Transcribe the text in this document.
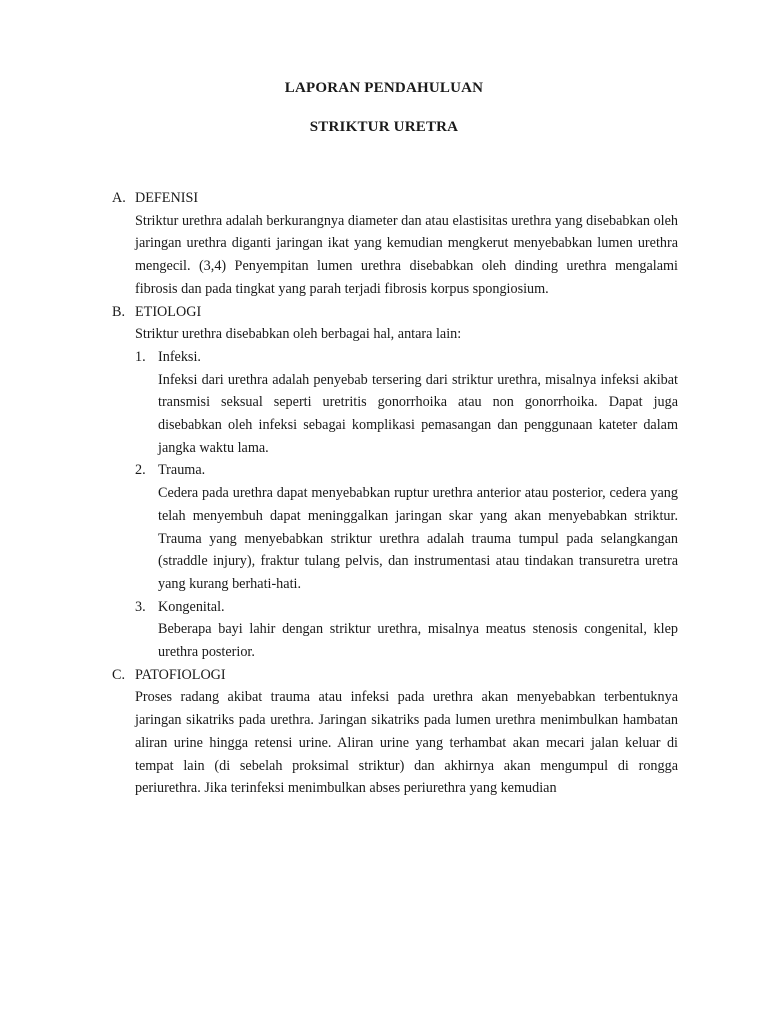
LAPORAN PENDAHULUAN
STRIKTUR URETRA
A. DEFENISI

Striktur urethra adalah berkurangnya diameter dan atau elastisitas urethra yang disebabkan oleh jaringan urethra diganti jaringan ikat yang kemudian mengkerut menyebabkan lumen urethra mengecil. (3,4) Penyempitan lumen urethra disebabkan oleh dinding urethra mengalami fibrosis dan pada tingkat yang parah terjadi fibrosis korpus spongiosium.

B. ETIOLOGI

Striktur urethra disebabkan oleh berbagai hal, antara lain:

1. Infeksi.

Infeksi dari urethra adalah penyebab tersering dari striktur urethra, misalnya infeksi akibat transmisi seksual seperti uretritis gonorrhoika atau non gonorrhoika. Dapat juga disebabkan oleh infeksi sebagai komplikasi pemasangan dan penggunaan kateter dalam jangka waktu lama.

2. Trauma.

Cedera pada urethra dapat menyebabkan ruptur urethra anterior atau posterior, cedera yang telah menyembuh dapat meninggalkan jaringan skar yang akan menyebabkan striktur. Trauma yang menyebabkan striktur urethra adalah trauma tumpul pada selangkangan (straddle injury), fraktur tulang pelvis, dan instrumentasi atau tindakan transuretra uretra yang kurang berhati-hati.

3. Kongenital.

Beberapa bayi lahir dengan striktur urethra, misalnya meatus stenosis congenital, klep urethra posterior.

C. PATOFIOLOGI

Proses radang akibat trauma atau infeksi pada urethra akan menyebabkan terbentuknya jaringan sikatriks pada urethra. Jaringan sikatriks pada lumen urethra menimbulkan hambatan aliran urine hingga retensi urine. Aliran urine yang terhambat akan mecari jalan keluar di tempat lain (di sebelah proksimal striktur) dan akhirnya akan mengumpul di rongga periurethra. Jika terinfeksi menimbulkan abses periurethra yang kemudian
